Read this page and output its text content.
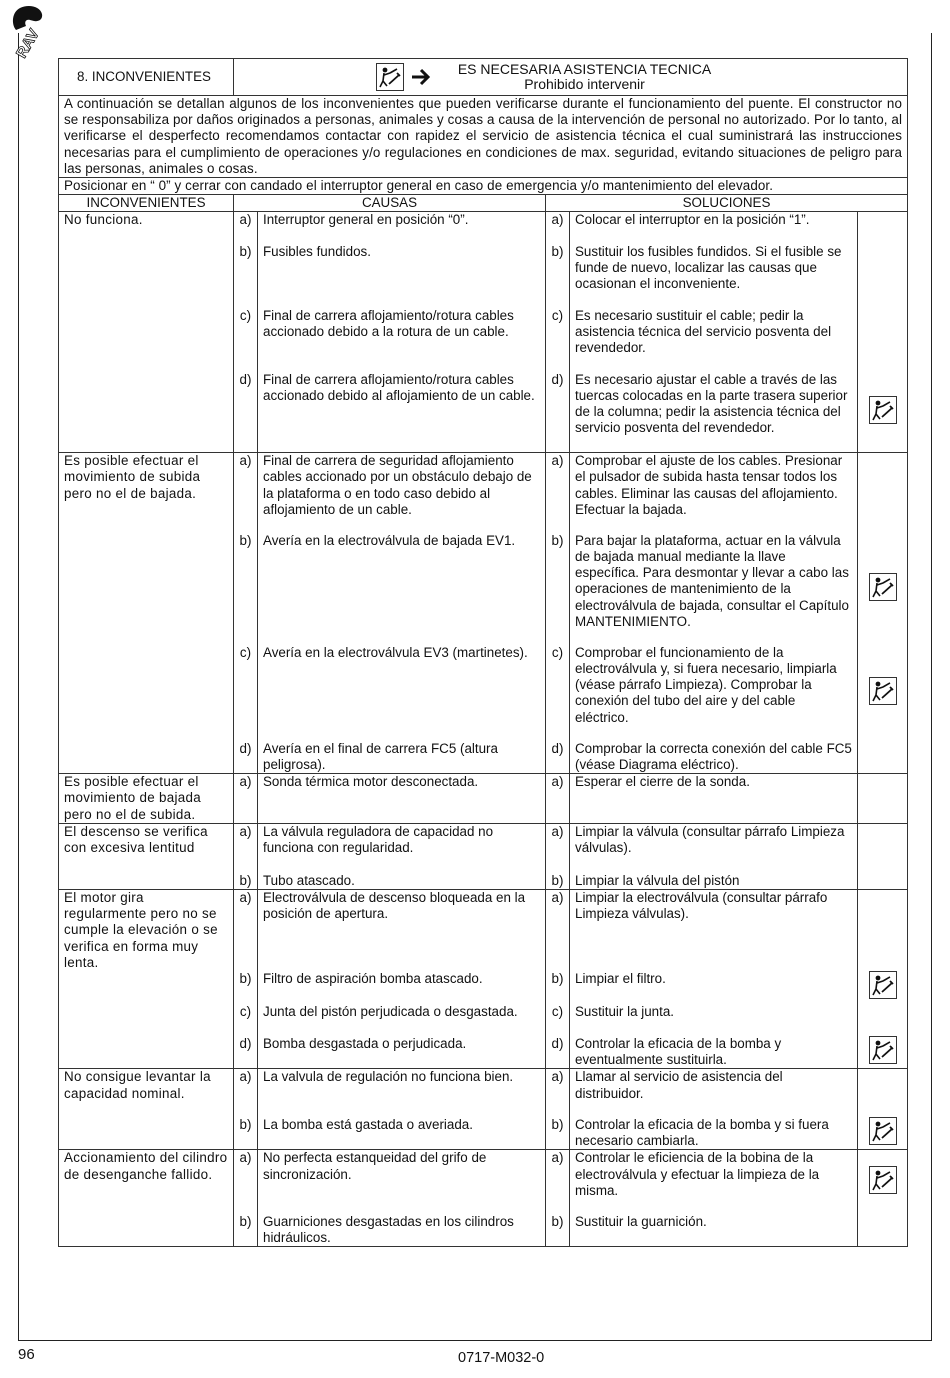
RAV
8. INCONVENIENTES	ES NECESARIA ASISTENCIA TECNICA
Prohibido intervenir				

A continuación se detallan algunos de los inconvenientes que pueden verificarse durante el funcionamiento del puente. El constructor no se responsabiliza por daños originados a personas, animales y cosas a causa de la intervención de personal no autorizado. Por lo tanto, al verificarse el desperfecto recomendamos contactar con rapidez el servicio de asistencia técnica el cual suministrará las instrucciones necesarias para el cumplimiento de operaciones y/o regulaciones en condiciones de max. seguridad, evitando situaciones de peligro para las personas, animales o cosas.					
Posicionar en “ 0” y cerrar con candado el interruptor general en caso de emergencia y/o mantenimiento del elevador.					
INCONVENIENTES	CAUSAS		SOLUCIONES		
No funciona.	a)	Interruptor general en posición “0”.	a)	Colocar el interruptor en la posición “1”.	
	b)	Fusibles fundidos.	b)	Sustituir los fusibles fundidos. Si el fusible se funde de nuevo, localizar las causas que ocasionan el inconveniente.	
	c)	Final de carrera aflojamiento/rotura cables accionado debido a la rotura de un cable.	c)	Es necesario sustituir el cable; pedir la asistencia técnica del servicio posventa del revendedor.	
	d)	Final de carrera aflojamiento/rotura cables accionado debido al aflojamiento de un cable.	d)	Es necesario ajustar el cable a través de las tuercas colocadas en la parte trasera superior de la columna; pedir la asistencia técnica del servicio posventa del revendedor.	

Es posible efectuar el movimiento de subida pero no el de bajada.	a)	Final de carrera de seguridad aflojamiento cables accionado por un obstáculo debajo de la plataforma o en todo caso debido al aflojamiento de un cable.	a)	Comprobar el ajuste de los cables. Presionar el pulsador de subida hasta tensar todos los cables. Eliminar las causas del aflojamiento. Efectuar la bajada.	
	b)	Avería en la electroválvula de bajada EV1.	b)	Para bajar la plataforma, actuar en la válvula de bajada manual mediante la llave específica. Para desmontar y llevar a cabo las operaciones de mantenimiento de la electroválvula de bajada, consultar el Capítulo MANTENIMIENTO.	

	c)	Avería en la electroválvula EV3 (martinetes).	c)	Comprobar el funcionamiento de la electroválvula y, si fuera necesario, limpiarla (véase párrafo Limpieza). Comprobar la conexión del tubo del aire y del cable eléctrico.	

	d)	Avería en el final de carrera FC5 (altura peligrosa).	d)	Comprobar la correcta conexión del cable FC5 (véase Diagrama eléctrico).	
Es posible efectuar el movimiento de bajada pero no el de subida.	a)	Sonda térmica motor desconectada.	a)	Esperar el cierre de la sonda.	
El descenso se verifica con excesiva lentitud	a)	La válvula reguladora de capacidad no funciona con regularidad.	a)	Limpiar la válvula (consultar párrafo Limpieza válvulas).	
	b)	Tubo atascado.	b)	Limpiar la válvula del pistón	
El motor gira regularmente pero no se cumple la elevación o se verifica en forma muy lenta.	a)	Electroválvula de descenso bloqueada en la posición de apertura.	a)	Limpiar la electroválvula (consultar párrafo Limpieza válvulas).	
	b)	Filtro de aspiración bomba atascado.	b)	Limpiar el filtro.	

	c)	Junta del pistón perjudicada o desgastada.	c)	Sustituir la junta.	
	d)	Bomba desgastada o perjudicada.	d)	Controlar la eficacia de la bomba y eventualmente sustituirla.	

No consigue levantar la capacidad nominal.	a)	La valvula de regulación no funciona bien.	a)	Llamar al servicio de asistencia del distribuidor.	
	b)	La bomba está gastada o averiada.	b)	Controlar la eficacia de la bomba y si fuera necesario cambiarla.	

Accionamiento del cilindro de desenganche fallido.	a)	No perfecta estanqueidad del grifo de sincronización.	a)	Controlar le eficiencia de la bobina de la electroválvula y efectuar la limpieza de la misma.	

	b)	Guarniciones desgastadas en los cilindros hidráulicos.	b)	Sustituir la guarnición.	
96	0717-M032-0
